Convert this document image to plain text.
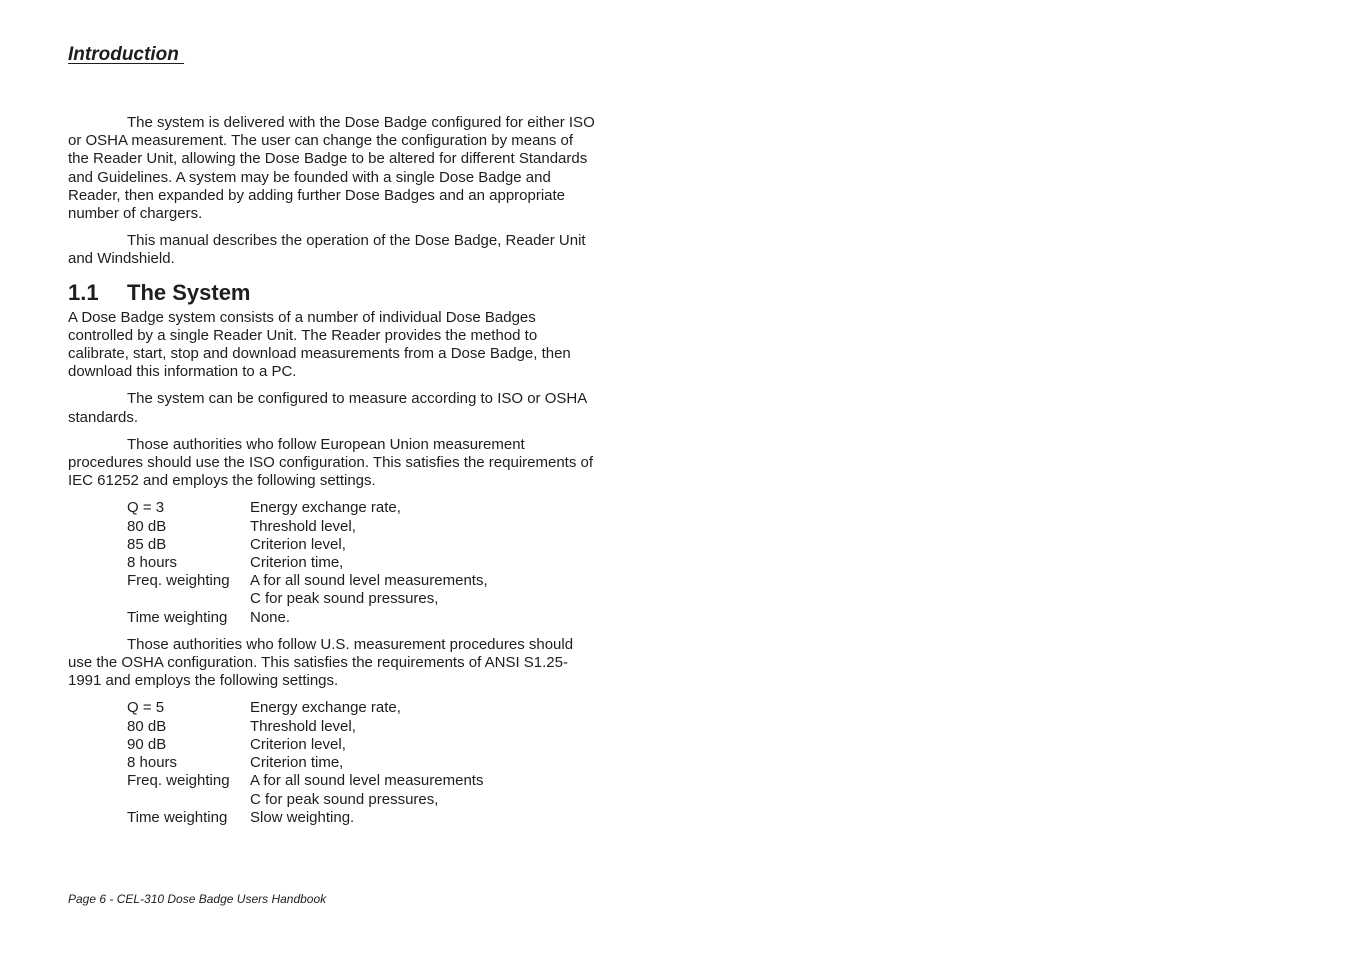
Introduction

The system is delivered with the Dose Badge configured for either ISO or OSHA measurement. The user can change the configuration by means of the Reader Unit, allowing the Dose Badge to be altered for different Standards and Guidelines. A system may be founded with a single Dose Badge and Reader, then expanded by adding further Dose Badges and an appropriate number of chargers.

This manual describes the operation of the Dose Badge, Reader Unit and Windshield.

1.1 The System

A Dose Badge system consists of a number of individual Dose Badges controlled by a single Reader Unit. The Reader provides the method to calibrate, start, stop and download measurements from a Dose Badge, then download this information to a PC.

The system can be configured to measure according to ISO or OSHA standards.

Those authorities who follow European Union measurement procedures should use the ISO configuration. This satisfies the requirements of IEC 61252 and employs the following settings.

Q = 3	Energy exchange rate,
80 dB	Threshold level,
85 dB	Criterion level,
8 hours	Criterion time,
Freq. weighting	A for all sound level measurements,
	C for peak sound pressures,
Time weighting	None.

Those authorities who follow U.S. measurement procedures should use the OSHA configuration. This satisfies the requirements of ANSI S1.25-1991 and employs the following settings.

Q = 5	Energy exchange rate,
80 dB	Threshold level,
90 dB	Criterion level,
8 hours	Criterion time,
Freq. weighting	A for all sound level measurements
	C for peak sound pressures,
Time weighting	Slow weighting.
Page 6 - CEL-310 Dose Badge Users Handbook
